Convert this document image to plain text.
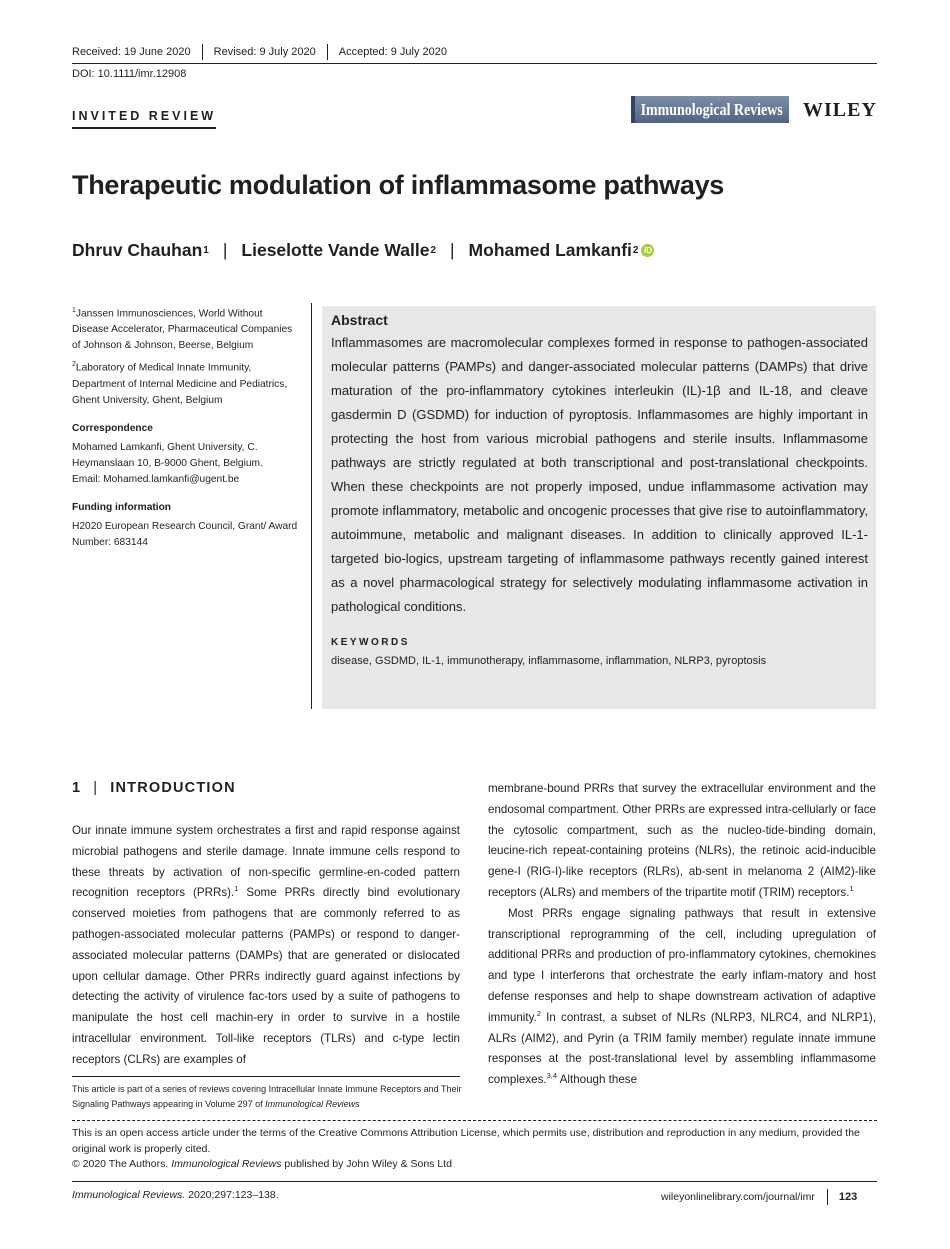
Received: 19 June 2020 Revised: 9 July 2020 Accepted: 9 July 2020
DOI: 10.1111/imr.12908
INVITED REVIEW	Immunological Reviews WILEY
Therapeutic modulation of inflammasome pathways
Dhruv Chauhan 1 | Lieselotte Vande Walle 2 | Mohamed Lamkanfi 2 iD

$^1$Janssen Immunosciences, World Without Disease Accelerator, Pharmaceutical Companies of Johnson & Johnson, Beerse, Belgium

$^2$Laboratory of Medical Innate Immunity, Department of Internal Medicine and Pediatrics, Ghent University, Ghent, Belgium

Correspondence

Mohamed Lamkanfi, Ghent University, C. Heymanslaan 10, B-9000 Ghent, Belgium.
Email: Mohamed.lamkanfi@ugent.be

Funding information

H2020 European Research Council, Grant/ Award Number: 683144

Abstract
Inflammasomes are macromolecular complexes formed in response to pathogen-associated molecular patterns (PAMPs) and danger-associated molecular patterns (DAMPs) that drive maturation of the pro-inflammatory cytokines interleukin (IL)-1β and IL-18, and cleave gasdermin D (GSDMD) for induction of pyroptosis. Inflammasomes are highly important in protecting the host from various microbial pathogens and sterile insults. Inflammasome pathways are strictly regulated at both transcriptional and post-translational checkpoints. When these checkpoints are not properly imposed, undue inflammasome activation may promote inflammatory, metabolic and oncogenic processes that give rise to autoinflammatory, autoimmune, metabolic and malignant diseases. In addition to clinically approved IL-1-targeted bio-logics, upstream targeting of inflammasome pathways recently gained interest as a novel pharmacological strategy for selectively modulating inflammasome activation in pathological conditions.
KEYWORDS
disease, GSDMD, IL-1, immunotherapy, inflammasome, inflammation, NLRP3, pyroptosis
1 | INTRODUCTION

Our innate immune system orchestrates a first and rapid response against microbial pathogens and sterile damage. Innate immune cells respond to these threats by activation of non-specific germline-en-coded pattern recognition receptors (PRRs).$^1$ Some PRRs directly bind evolutionary conserved moieties from pathogens that are commonly referred to as pathogen-associated molecular patterns (PAMPs) or respond to danger-associated molecular patterns (DAMPs) that are generated or dislocated upon cellular damage. Other PRRs indirectly guard against infections by detecting the activity of virulence fac-tors used by a suite of pathogens to manipulate the host cell machin-ery in order to survive in a hostile intracellular environment. Toll-like receptors (TLRs) and c-type lectin receptors (CLRs) are examples of

This article is part of a series of reviews covering Intracellular Innate Immune Receptors and Their Signaling Pathways appearing in Volume 297 of Immunological Reviews

membrane-bound PRRs that survey the extracellular environment and the endosomal compartment. Other PRRs are expressed intra-cellularly or face the cytosolic compartment, such as the nucleo-tide-binding domain, leucine-rich repeat-containing proteins (NLRs), the retinoic acid-inducible gene-I (RIG-I)-like receptors (RLRs), ab-sent in melanoma 2 (AIM2)-like receptors (ALRs) and members of the tripartite motif (TRIM) receptors.$^1$

Most PRRs engage signaling pathways that result in extensive transcriptional reprogramming of the cell, including upregulation of additional PRRs and production of pro-inflammatory cytokines, chemokines and type I interferons that orchestrate the early inflam-matory and host defense responses and help to shape downstream activation of adaptive immunity.$^2$ In contrast, a subset of NLRs (NLRP3, NLRC4, and NLRP1), ALRs (AIM2), and Pyrin (a TRIM family member) regulate innate immune responses at the post-translational level by assembling inflammasome complexes.$^{3,4}$ Although these

This is an open access article under the terms of the Creative Commons Attribution License, which permits use, distribution and reproduction in any medium, provided the original work is properly cited.
© 2020 The Authors. Immunological Reviews published by John Wiley & Sons Ltd
Immunological Reviews. 2020;297:123–138.	wileyonlinelibrary.com/journal/imr 123
